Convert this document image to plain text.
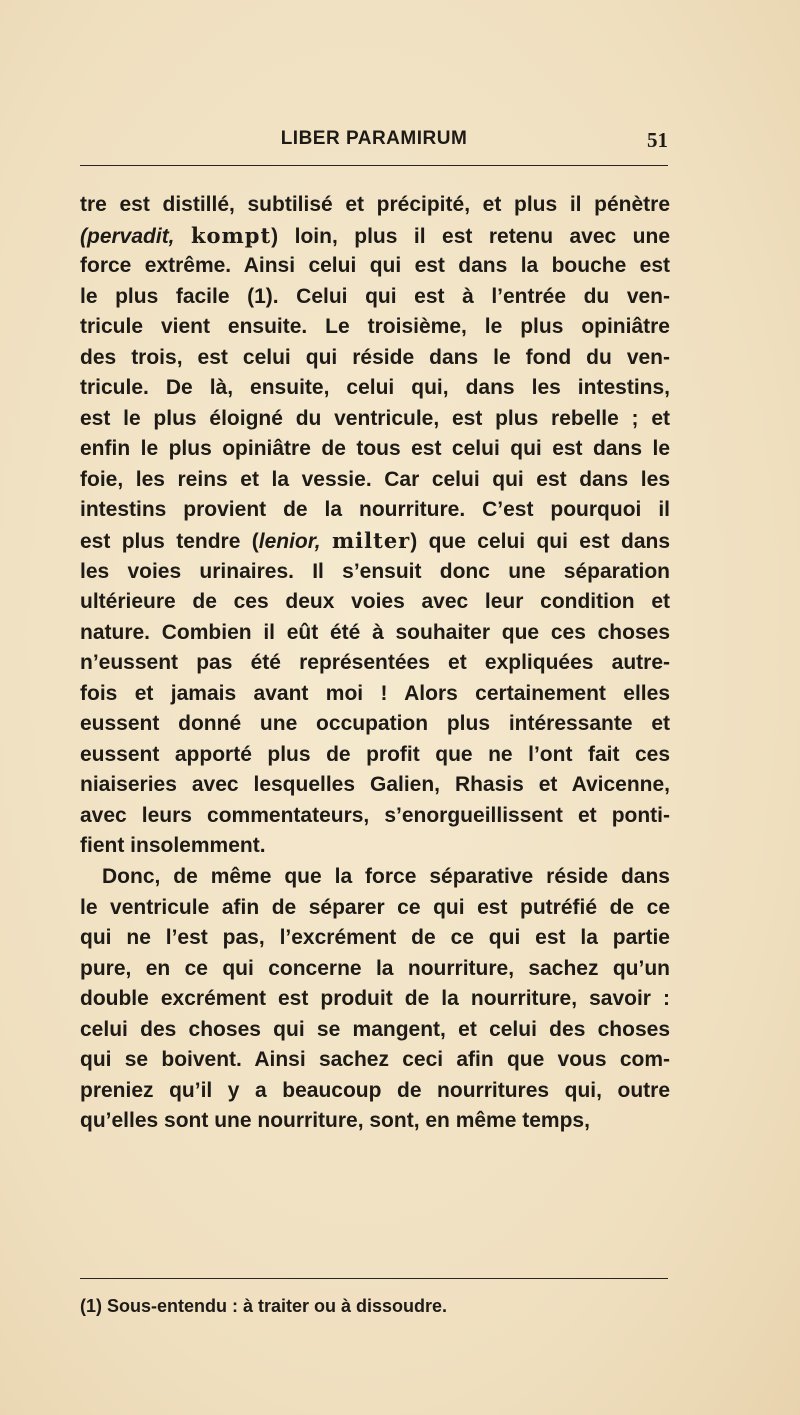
LIBER PARAMIRUM	51
tre est distillé, subtilisé et précipité, et plus il pénètre
(pervadit, kompt) loin, plus il est retenu avec une
force extrême. Ainsi celui qui est dans la bouche est
le plus facile (1). Celui qui est à l’entrée du ven-
tricule vient ensuite. Le troisième, le plus opiniâtre
des trois, est celui qui réside dans le fond du ven-
tricule. De là, ensuite, celui qui, dans les intestins,
est le plus éloigné du ventricule, est plus rebelle ; et
enfin le plus opiniâtre de tous est celui qui est dans le
foie, les reins et la vessie. Car celui qui est dans les
intestins provient de la nourriture. C’est pourquoi il
est plus tendre (lenior, milter) que celui qui est dans
les voies urinaires. Il s’ensuit donc une séparation
ultérieure de ces deux voies avec leur condition et
nature. Combien il eût été à souhaiter que ces choses
n’eussent pas été représentées et expliquées autre-
fois et jamais avant moi ! Alors certainement elles
eussent donné une occupation plus intéressante et
eussent apporté plus de profit que ne l’ont fait ces
niaiseries avec lesquelles Galien, Rhasis et Avicenne,
avec leurs commentateurs, s’enorgueillissent et ponti-
fient insolemment.
Donc, de même que la force séparative réside dans
le ventricule afin de séparer ce qui est putréfié de ce
qui ne l’est pas, l’excrément de ce qui est la partie
pure, en ce qui concerne la nourriture, sachez qu’un
double excrément est produit de la nourriture, savoir :
celui des choses qui se mangent, et celui des choses
qui se boivent. Ainsi sachez ceci afin que vous com-
preniez qu’il y a beaucoup de nourritures qui, outre
qu’elles sont une nourriture, sont, en même temps,
(1) Sous-entendu : à traiter ou à dissoudre.
